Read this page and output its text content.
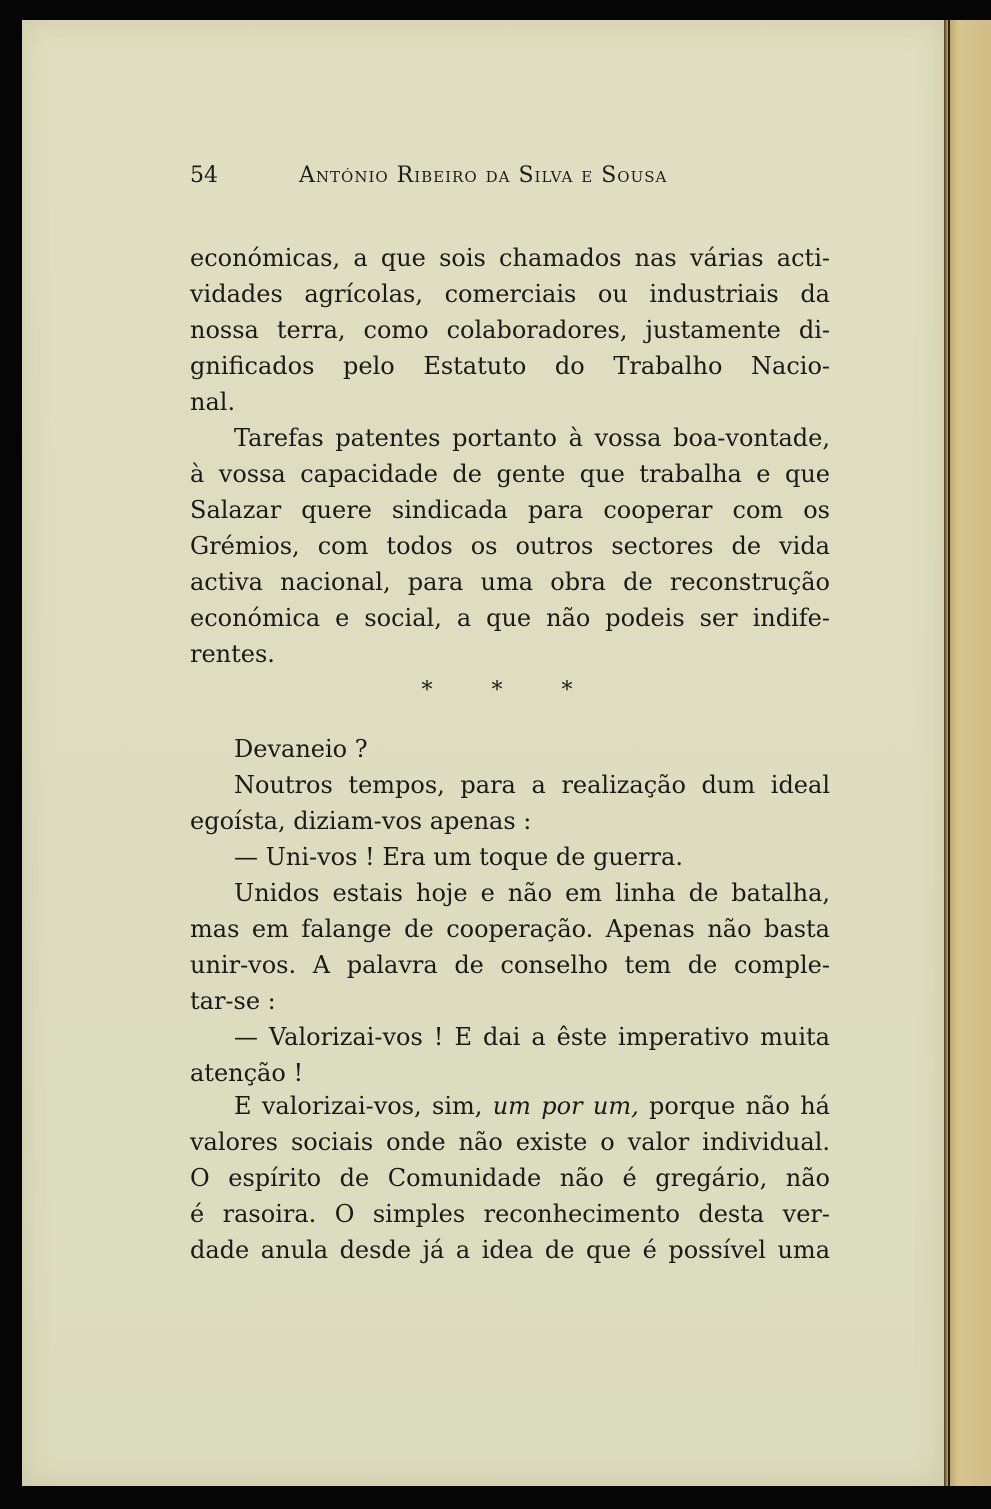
54	António Ribeiro da Silva e Sousa
económicas, a que sois chamados nas várias acti-
vidades agrícolas, comerciais ou industriais da
nossa terra, como colaboradores, justamente di-
gnificados pelo Estatuto do Trabalho Nacio-
nal.
Tarefas patentes portanto à vossa boa-vontade,
à vossa capacidade de gente que trabalha e que
Salazar quere sindicada para cooperar com os
Grémios, com todos os outros sectores de vida
activa nacional, para uma obra de reconstrução
económica e social, a que não podeis ser indife-
rentes.
* * *
Devaneio ?
Noutros tempos, para a realização dum ideal
egoísta, diziam-vos apenas :
— Uni-vos ! Era um toque de guerra.
Unidos estais hoje e não em linha de batalha,
mas em falange de cooperação. Apenas não basta
unir-vos. A palavra de conselho tem de comple-
tar-se :
— Valorizai-vos ! E dai a êste imperativo muita
atenção !
E valorizai-vos, sim, um por um, porque não há
valores sociais onde não existe o valor individual.
O espírito de Comunidade não é gregário, não
é rasoira. O simples reconhecimento desta ver-
dade anula desde já a idea de que é possível uma
